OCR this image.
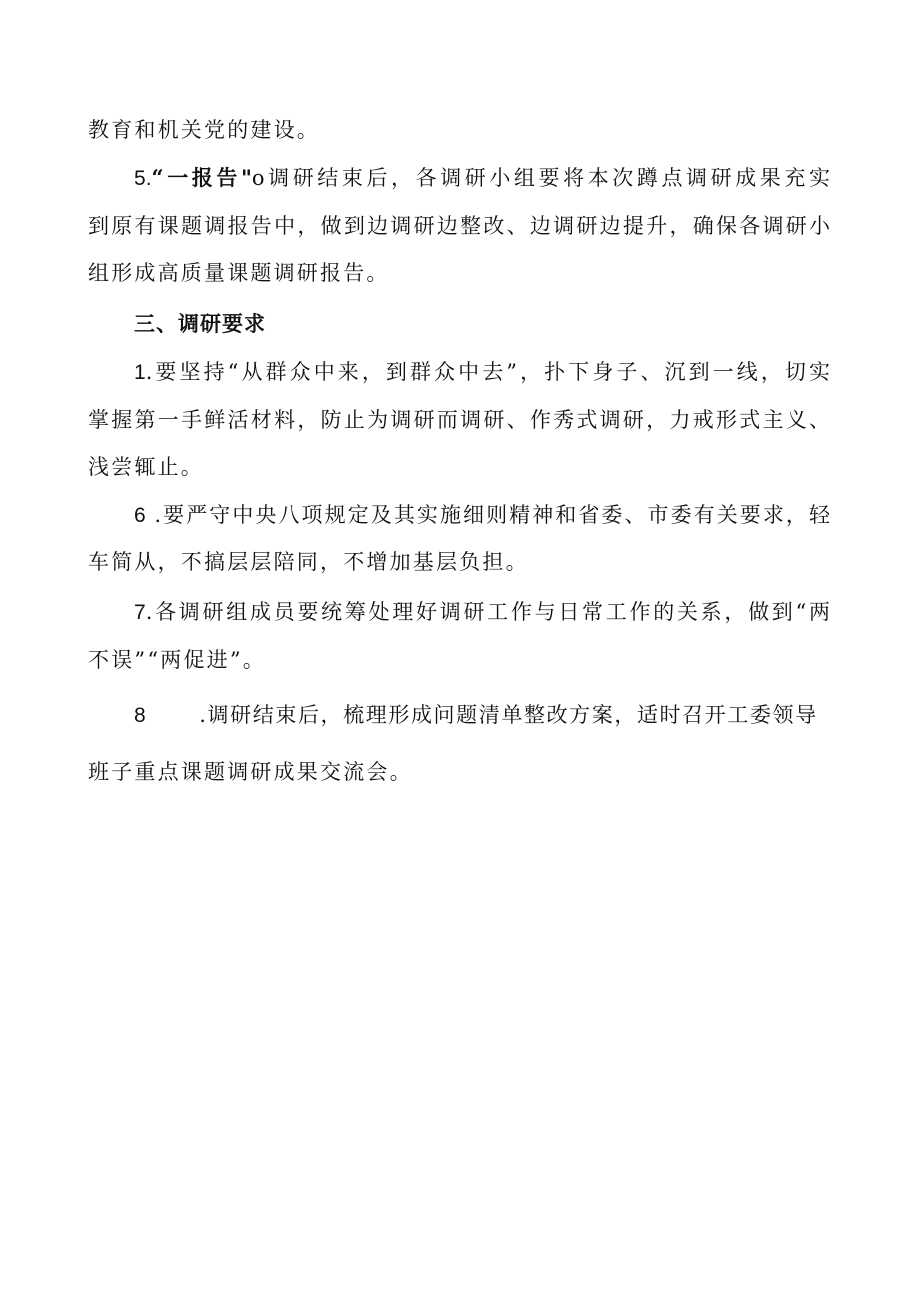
教育和机关党的建设。
5.“一报告"o调研结束后，各调研小组要将本次蹲点调研成果充实
到原有课题调报告中，做到边调研边整改、边调研边提升，确保各调研小
组形成高质量课题调研报告。
三、调研要求
1.要坚持“从群众中来，到群众中去”，扑下身子、沉到一线，切实
掌握第一手鲜活材料，防止为调研而调研、作秀式调研，力戒形式主义、
浅尝辄止。
6 .要严守中央八项规定及其实施细则精神和省委、市委有关要求，轻
车简从，不搞层层陪同，不增加基层负担。
7.各调研组成员要统筹处理好调研工作与日常工作的关系，做到“两
不误”“两促进”。
8 .调研结束后，梳理形成问题清单整改方案，适时召开工委领导
班子重点课题调研成果交流会。
